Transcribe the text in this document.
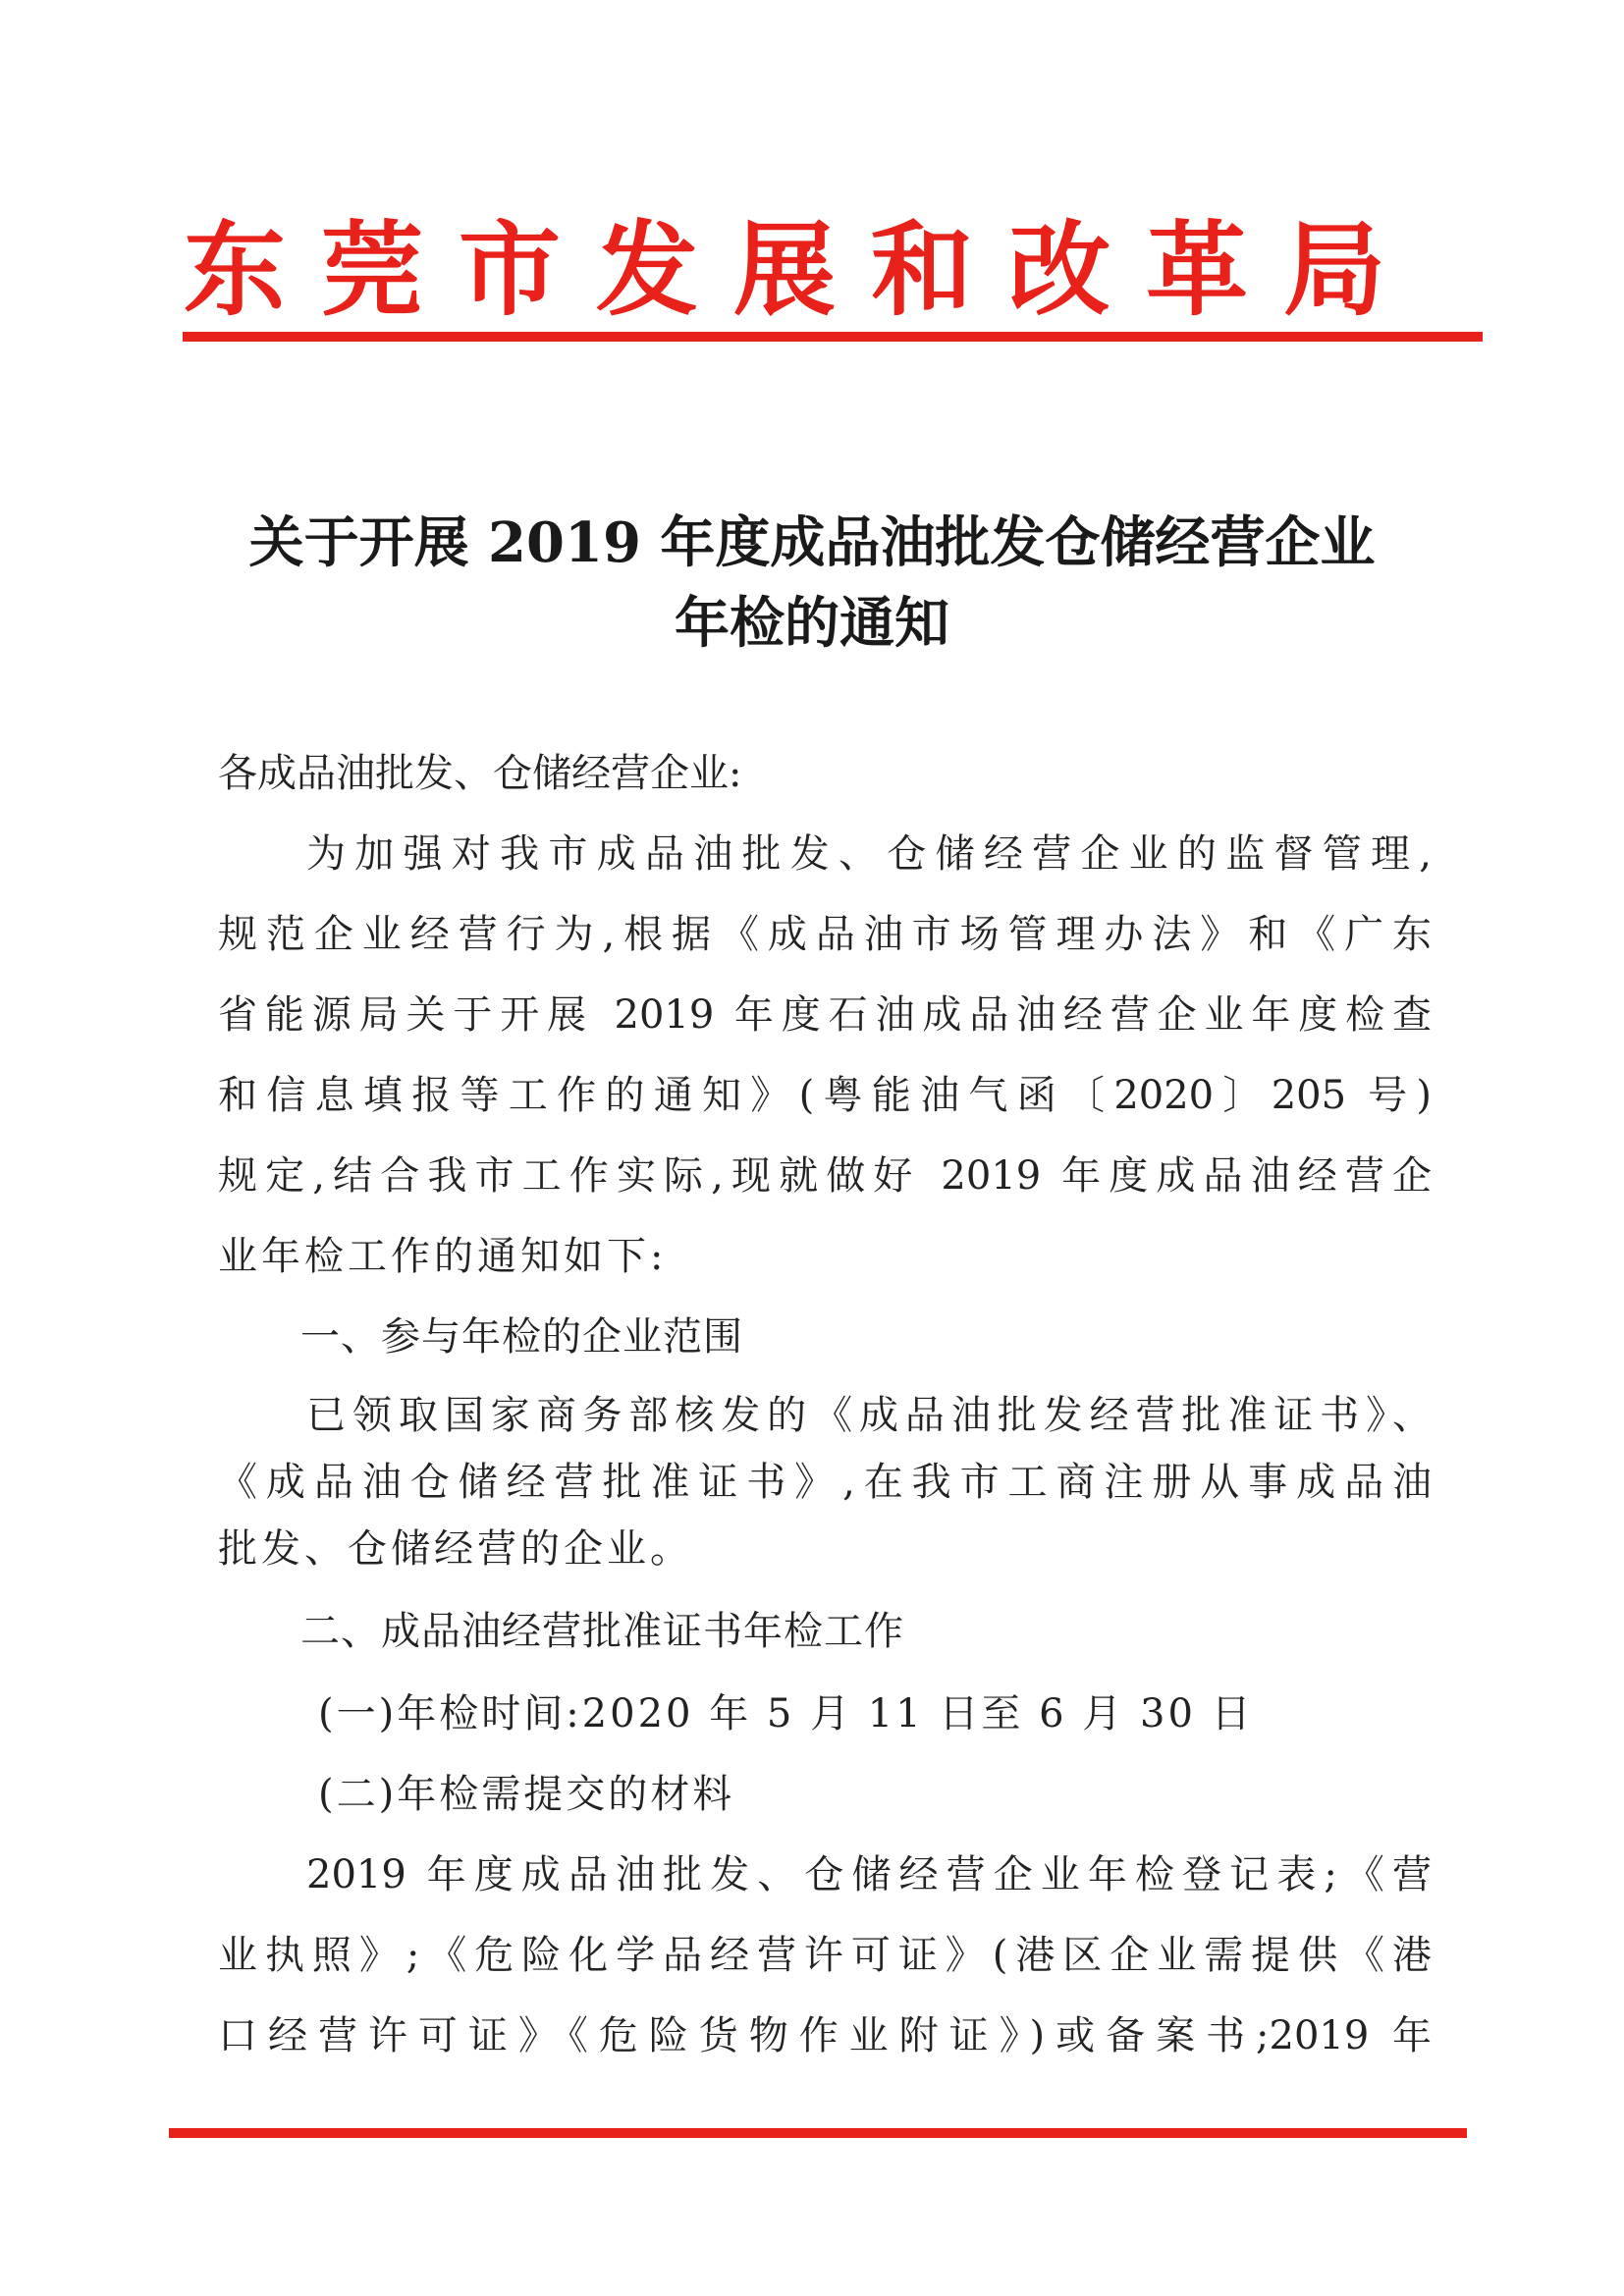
东莞市发展和改革局
关于开展 2019 年度成品油批发仓储经营企业
年检的通知
各成品油批发、仓储经营企业:
为加强对我市成品油批发、仓储经营企业的监督管理,
规范企业经营行为,根据《成品油市场管理办法》和《广东
省能源局关于开展 2019 年度石油成品油经营企业年度检查
和信息填报等工作的通知》(粤能油气函〔2020〕205 号)
规定,结合我市工作实际,现就做好 2019 年度成品油经营企
业年检工作的通知如下:
一、参与年检的企业范围
已领取国家商务部核发的《成品油批发经营批准证书》、
《成品油仓储经营批准证书》,在我市工商注册从事成品油
批发、仓储经营的企业。
二、成品油经营批准证书年检工作
(一)年检时间:2020 年 5 月 11 日至 6 月 30 日
(二)年检需提交的材料
2019 年度成品油批发、仓储经营企业年检登记表;《营
业执照》;《危险化学品经营许可证》(港区企业需提供《港
口经营许可证》《危险货物作业附证》)或备案书;2019 年
